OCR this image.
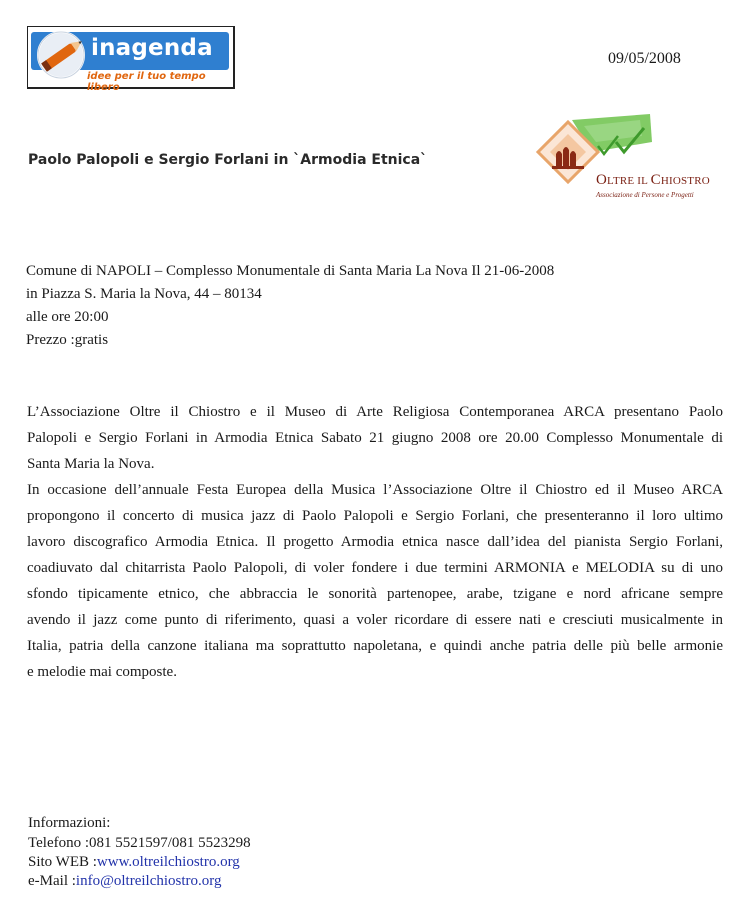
inagenda
idee per il tuo tempo libero
09/05/2008
Paolo Palopoli e Sergio Forlani in `Armodia Etnica`
OLTRE IL CHIOSTRO
Associazione di Persone e Progetti
Comune di NAPOLI – Complesso Monumentale di Santa Maria La Nova Il 21-06-2008
in Piazza S. Maria la Nova, 44 – 80134
alle ore 20:00
Prezzo :gratis

L’Associazione Oltre il Chiostro e il Museo di Arte Religiosa Contemporanea ARCA presentano Paolo
Palopoli e Sergio Forlani in Armodia Etnica Sabato 21 giugno 2008 ore 20.00 Complesso Monumentale di
Santa Maria la Nova.

In occasione dell’annuale Festa Europea della Musica l’Associazione Oltre il Chiostro ed il Museo ARCA
propongono il concerto di musica jazz di Paolo Palopoli e Sergio Forlani, che presenteranno il loro ultimo
lavoro discografico Armodia Etnica. Il progetto Armodia etnica nasce dall’idea del pianista Sergio Forlani,
coadiuvato dal chitarrista Paolo Palopoli, di voler fondere i due termini ARMONIA e MELODIA su di uno
sfondo tipicamente etnico, che abbraccia le sonorità partenopee, arabe, tzigane e nord africane sempre
avendo il jazz come punto di riferimento, quasi a voler ricordare di essere nati e cresciuti musicalmente in
Italia, patria della canzone italiana ma soprattutto napoletana, e quindi anche patria delle più belle armonie
e melodie mai composte.

Informazioni:
Telefono :081 5521597/081 5523298
Sito WEB :www.oltreilchiostro.org
e-Mail :info@oltreilchiostro.org
